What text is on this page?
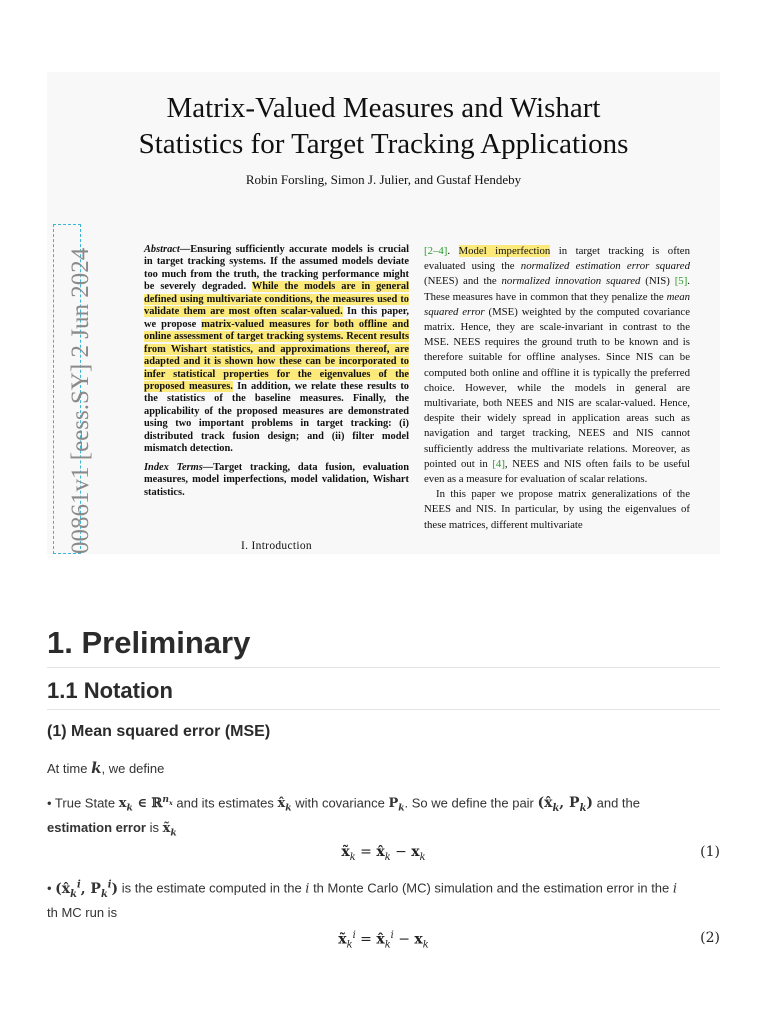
Matrix-Valued Measures and Wishart
Statistics for Target Tracking Applications
Robin Forsling, Simon J. Julier, and Gustaf Hendeby
00861v1 [eess.SY] 2 Jun 2024	Abstract—Ensuring sufficiently accurate models is crucial in target tracking systems. If the assumed models deviate too much from the truth, the tracking performance might be severely degraded. While the models are in general defined using multivariate conditions, the measures used to validate them are most often scalar-valued. In this paper, we propose matrix-valued measures for both offline and online assessment of target tracking systems. Recent results from Wishart statistics, and approximations thereof, are adapted and it is shown how these can be incorporated to infer statistical properties for the eigenvalues of the proposed measures. In addition, we relate these results to the statistics of the baseline measures. Finally, the applicability of the proposed measures are demonstrated using two important problems in target tracking: (i) distributed track fusion design; and (ii) filter model mismatch detection.
Index Terms—Target tracking, data fusion, evaluation measures, model imperfections, model validation, Wishart statistics.
I. Introduction
[2–4]. Model imperfection in target tracking is often evaluated using the normalized estimation error squared (NEES) and the normalized innovation squared (NIS) [5]. These measures have in common that they penalize the mean squared error (MSE) weighted by the computed covariance matrix. Hence, they are scale-invariant in contrast to the MSE. NEES requires the ground truth to be known and is therefore suitable for offline analyses. Since NIS can be computed both online and offline it is typically the preferred choice. However, while the models in general are multivariate, both NEES and NIS are scalar-valued. Hence, despite their widely spread in application areas such as navigation and target tracking, NEES and NIS cannot sufficiently address the multivariate relations. Moreover, as pointed out in [4], NEES and NIS often fails to be useful even as a measure for evaluation of scalar relations.
In this paper we propose matrix generalizations of the NEES and NIS. In particular, by using the eigenvalues of these matrices, different multivariate
1. Preliminary
1.1 Notation
(1) Mean squared error (MSE)
At time k, we define
• True State $x_k$ ∈ ℝ$^{n_x}$ and its estimates $x̂_k$ with covariance $P_k$. So we define the pair ($x̂_k$, $P_k$) and the
estimation error is $x̃_k$
$x̃_k$ = $x̂_k - x_k$	(1)
• ($x̂_k^i$, $P_k^i$) is the estimate computed in the i th Monte Carlo (MC) simulation and the estimation error in the i
th MC run is
$x̃_k^i$ = $x̂_k^i - x_k$	(2)
